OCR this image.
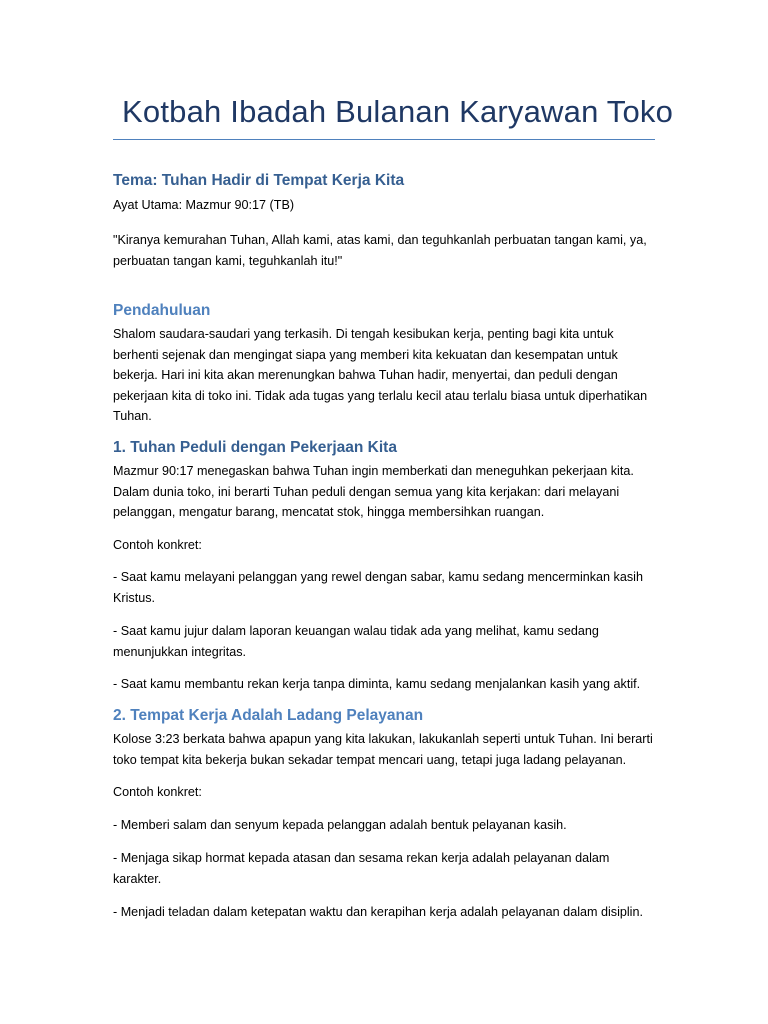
Kotbah Ibadah Bulanan Karyawan Toko
Tema: Tuhan Hadir di Tempat Kerja Kita
Ayat Utama: Mazmur 90:17 (TB)
"Kiranya kemurahan Tuhan, Allah kami, atas kami, dan teguhkanlah perbuatan tangan kami, ya, perbuatan tangan kami, teguhkanlah itu!"
Pendahuluan
Shalom saudara-saudari yang terkasih. Di tengah kesibukan kerja, penting bagi kita untuk berhenti sejenak dan mengingat siapa yang memberi kita kekuatan dan kesempatan untuk bekerja. Hari ini kita akan merenungkan bahwa Tuhan hadir, menyertai, dan peduli dengan pekerjaan kita di toko ini. Tidak ada tugas yang terlalu kecil atau terlalu biasa untuk diperhatikan Tuhan.
1. Tuhan Peduli dengan Pekerjaan Kita
Mazmur 90:17 menegaskan bahwa Tuhan ingin memberkati dan meneguhkan pekerjaan kita. Dalam dunia toko, ini berarti Tuhan peduli dengan semua yang kita kerjakan: dari melayani pelanggan, mengatur barang, mencatat stok, hingga membersihkan ruangan.
Contoh konkret:
- Saat kamu melayani pelanggan yang rewel dengan sabar, kamu sedang mencerminkan kasih Kristus.
- Saat kamu jujur dalam laporan keuangan walau tidak ada yang melihat, kamu sedang menunjukkan integritas.
- Saat kamu membantu rekan kerja tanpa diminta, kamu sedang menjalankan kasih yang aktif.
2. Tempat Kerja Adalah Ladang Pelayanan
Kolose 3:23 berkata bahwa apapun yang kita lakukan, lakukanlah seperti untuk Tuhan. Ini berarti toko tempat kita bekerja bukan sekadar tempat mencari uang, tetapi juga ladang pelayanan.
Contoh konkret:
- Memberi salam dan senyum kepada pelanggan adalah bentuk pelayanan kasih.
- Menjaga sikap hormat kepada atasan dan sesama rekan kerja adalah pelayanan dalam karakter.
- Menjadi teladan dalam ketepatan waktu dan kerapihan kerja adalah pelayanan dalam disiplin.
